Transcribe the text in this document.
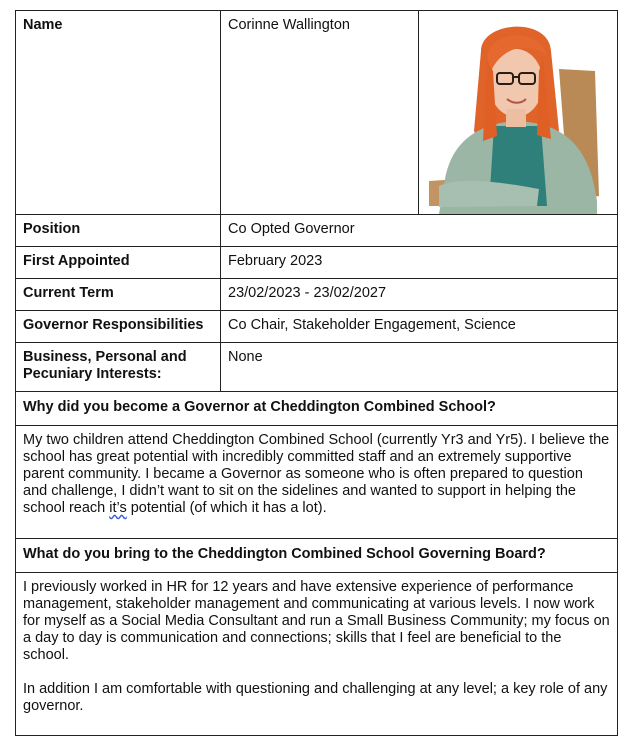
Name	Corinne Wallington	

Position	Co Opted Governor	
First Appointed	February 2023	
Current Term	23/02/2023 - 23/02/2027	
Governor Responsibilities	Co Chair, Stakeholder Engagement, Science	
Business, Personal and Pecuniary Interests:	None	
Why did you become a Governor at Cheddington Combined School?		

My two children attend Cheddington Combined School (currently Yr3 and Yr5). I believe the school has great potential with incredibly committed staff and an extremely supportive parent community. I became a Governor as someone who is often prepared to question and challenge, I didn’t want to sit on the sidelines and wanted to support in helping the school reach it’s potential (of which it has a lot).		

What do you bring to the Cheddington Combined School Governing Board?		

I previously worked in HR for 12 years and have extensive experience of performance management, stakeholder management and communicating at various levels. I now work for myself as a Social Media Consultant and run a Small Business Community; my focus on a day to day is communication and connections; skills that I feel are beneficial to the school.

In addition I am comfortable with questioning and challenging at any level; a key role of any governor.		
